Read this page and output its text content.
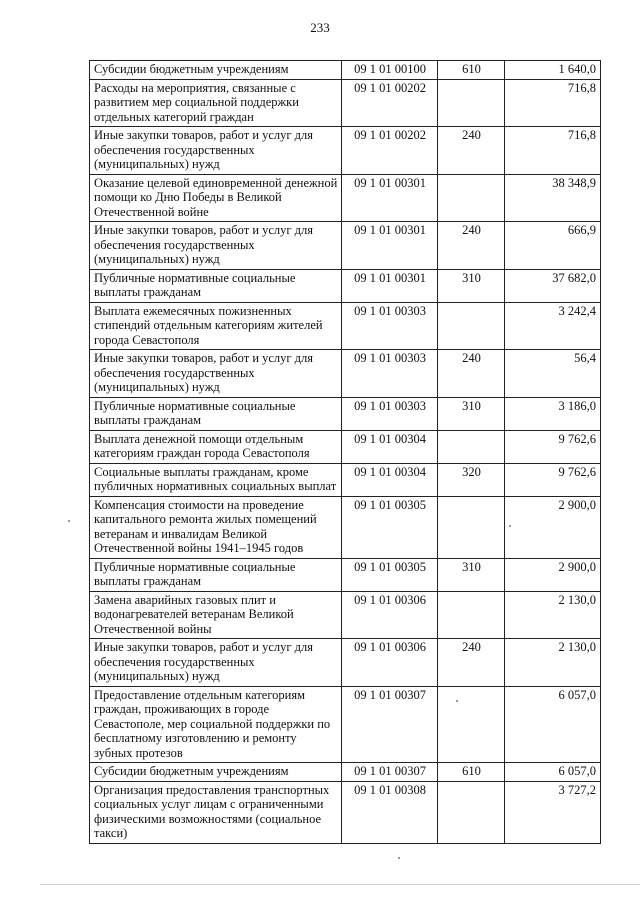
233
Субсидии бюджетным учреждениям	09 1 01 00100	610	1 640,0
Расходы на мероприятия, связанные с развитием мер социальной поддержки отдельных категорий граждан	09 1 01 00202		716,8
Иные закупки товаров, работ и услуг для обеспечения государственных (муниципальных) нужд	09 1 01 00202	240	716,8
Оказание целевой единовременной денежной помощи ко Дню Победы в Великой Отечественной войне	09 1 01 00301		38 348,9
Иные закупки товаров, работ и услуг для обеспечения государственных (муниципальных) нужд	09 1 01 00301	240	666,9
Публичные нормативные социальные выплаты гражданам	09 1 01 00301	310	37 682,0
Выплата ежемесячных пожизненных стипендий отдельным категориям жителей города Севастополя	09 1 01 00303		3 242,4
Иные закупки товаров, работ и услуг для обеспечения государственных (муниципальных) нужд	09 1 01 00303	240	56,4
Публичные нормативные социальные выплаты гражданам	09 1 01 00303	310	3 186,0
Выплата денежной помощи отдельным категориям граждан города Севастополя	09 1 01 00304		9 762,6
Социальные выплаты гражданам, кроме публичных нормативных социальных выплат	09 1 01 00304	320	9 762,6
Компенсация стоимости на проведение капитального ремонта жилых помещений ветеранам и инвалидам Великой Отечественной войны 1941–1945 годов	09 1 01 00305		2 900,0
Публичные нормативные социальные выплаты гражданам	09 1 01 00305	310	2 900,0
Замена аварийных газовых плит и водонагревателей ветеранам Великой Отечественной войны	09 1 01 00306		2 130,0
Иные закупки товаров, работ и услуг для обеспечения государственных (муниципальных) нужд	09 1 01 00306	240	2 130,0
Предоставление отдельным категориям граждан, проживающих в городе Севастополе, мер социальной поддержки по бесплатному изготовлению и ремонту зубных протезов	09 1 01 00307		6 057,0
Субсидии бюджетным учреждениям	09 1 01 00307	610	6 057,0
Организация предоставления транспортных социальных услуг лицам с ограниченными физическими возможностями (социальное такси)	09 1 01 00308		3 727,2
